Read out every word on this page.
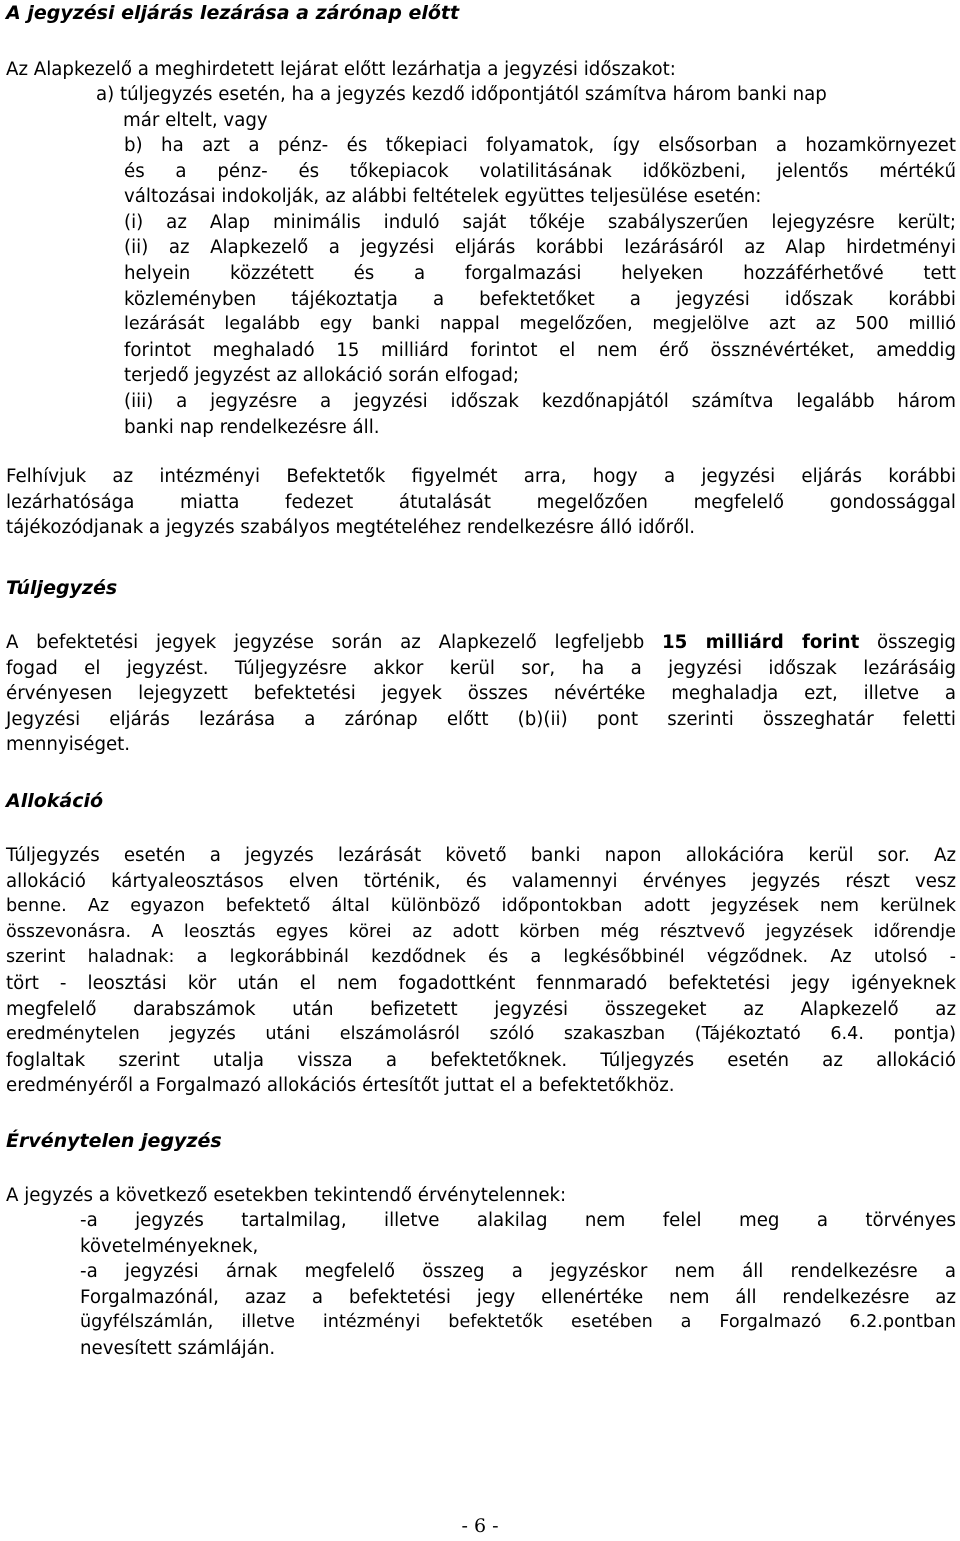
A jegyzési eljárás lezárása a zárónap előtt
Az Alapkezelő a meghirdetett lejárat előtt lezárhatja a jegyzési időszakot:
a) túljegyzés esetén, ha a jegyzés kezdő időpontjától számítva három banki nap
már eltelt, vagy
b) ha azt a pénz- és tőkepiaci folyamatok, így elsősorban a hozamkörnyezet
és a pénz- és tőkepiacok volatilitásának időközbeni, jelentős mértékű
változásai indokolják, az alábbi feltételek együttes teljesülése esetén:
(i) az Alap minimális induló saját tőkéje szabályszerűen lejegyzésre került;
(ii) az Alapkezelő a jegyzési eljárás korábbi lezárásáról az Alap hirdetményi
helyein közzétett és a forgalmazási helyeken hozzáférhetővé tett
közleményben tájékoztatja a befektetőket a jegyzési időszak korábbi
lezárását legalább egy banki nappal megelőzően, megjelölve azt az 500 millió
forintot meghaladó 15 milliárd forintot el nem érő össznévértéket, ameddig
terjedő jegyzést az allokáció során elfogad;
(iii) a jegyzésre a jegyzési időszak kezdőnapjától számítva legalább három
banki nap rendelkezésre áll.
Felhívjuk az intézményi Befektetők figyelmét arra, hogy a jegyzési eljárás korábbi
lezárhatósága miatta fedezet átutalását megelőzően megfelelő gondossággal
tájékozódjanak a jegyzés szabályos megtételéhez rendelkezésre álló időről.
Túljegyzés
A befektetési jegyek jegyzése során az Alapkezelő legfeljebb 15 milliárd forint összegig
fogad el jegyzést. Túljegyzésre akkor kerül sor, ha a jegyzési időszak lezárásáig
érvényesen lejegyzett befektetési jegyek összes névértéke meghaladja ezt, illetve a
Jegyzési eljárás lezárása a zárónap előtt (b)(ii) pont szerinti összeghatár feletti
mennyiséget.
Allokáció
Túljegyzés esetén a jegyzés lezárását követő banki napon allokációra kerül sor. Az
allokáció kártyaleosztásos elven történik, és valamennyi érvényes jegyzés részt vesz
benne. Az egyazon befektető által különböző időpontokban adott jegyzések nem kerülnek
összevonásra. A leosztás egyes körei az adott körben még résztvevő jegyzések időrendje
szerint haladnak: a legkorábbinál kezdődnek és a legkésőbbinél végződnek. Az utolsó -
tört - leosztási kör után el nem fogadottként fennmaradó befektetési jegy igényeknek
megfelelő darabszámok után befizetett jegyzési összegeket az Alapkezelő az
eredménytelen jegyzés utáni elszámolásról szóló szakaszban (Tájékoztató 6.4. pontja)
foglaltak szerint utalja vissza a befektetőknek. Túljegyzés esetén az allokáció
eredményéről a Forgalmazó allokációs értesítőt juttat el a befektetőkhöz.
Érvénytelen jegyzés
A jegyzés a következő esetekben tekintendő érvénytelennek:
-a jegyzés tartalmilag, illetve alakilag nem felel meg a törvényes
követelményeknek,
-a jegyzési árnak megfelelő összeg a jegyzéskor nem áll rendelkezésre a
Forgalmazónál, azaz a befektetési jegy ellenértéke nem áll rendelkezésre az
ügyfélszámlán, illetve intézményi befektetők esetében a Forgalmazó 6.2.pontban
nevesített számláján.
- 6 -
